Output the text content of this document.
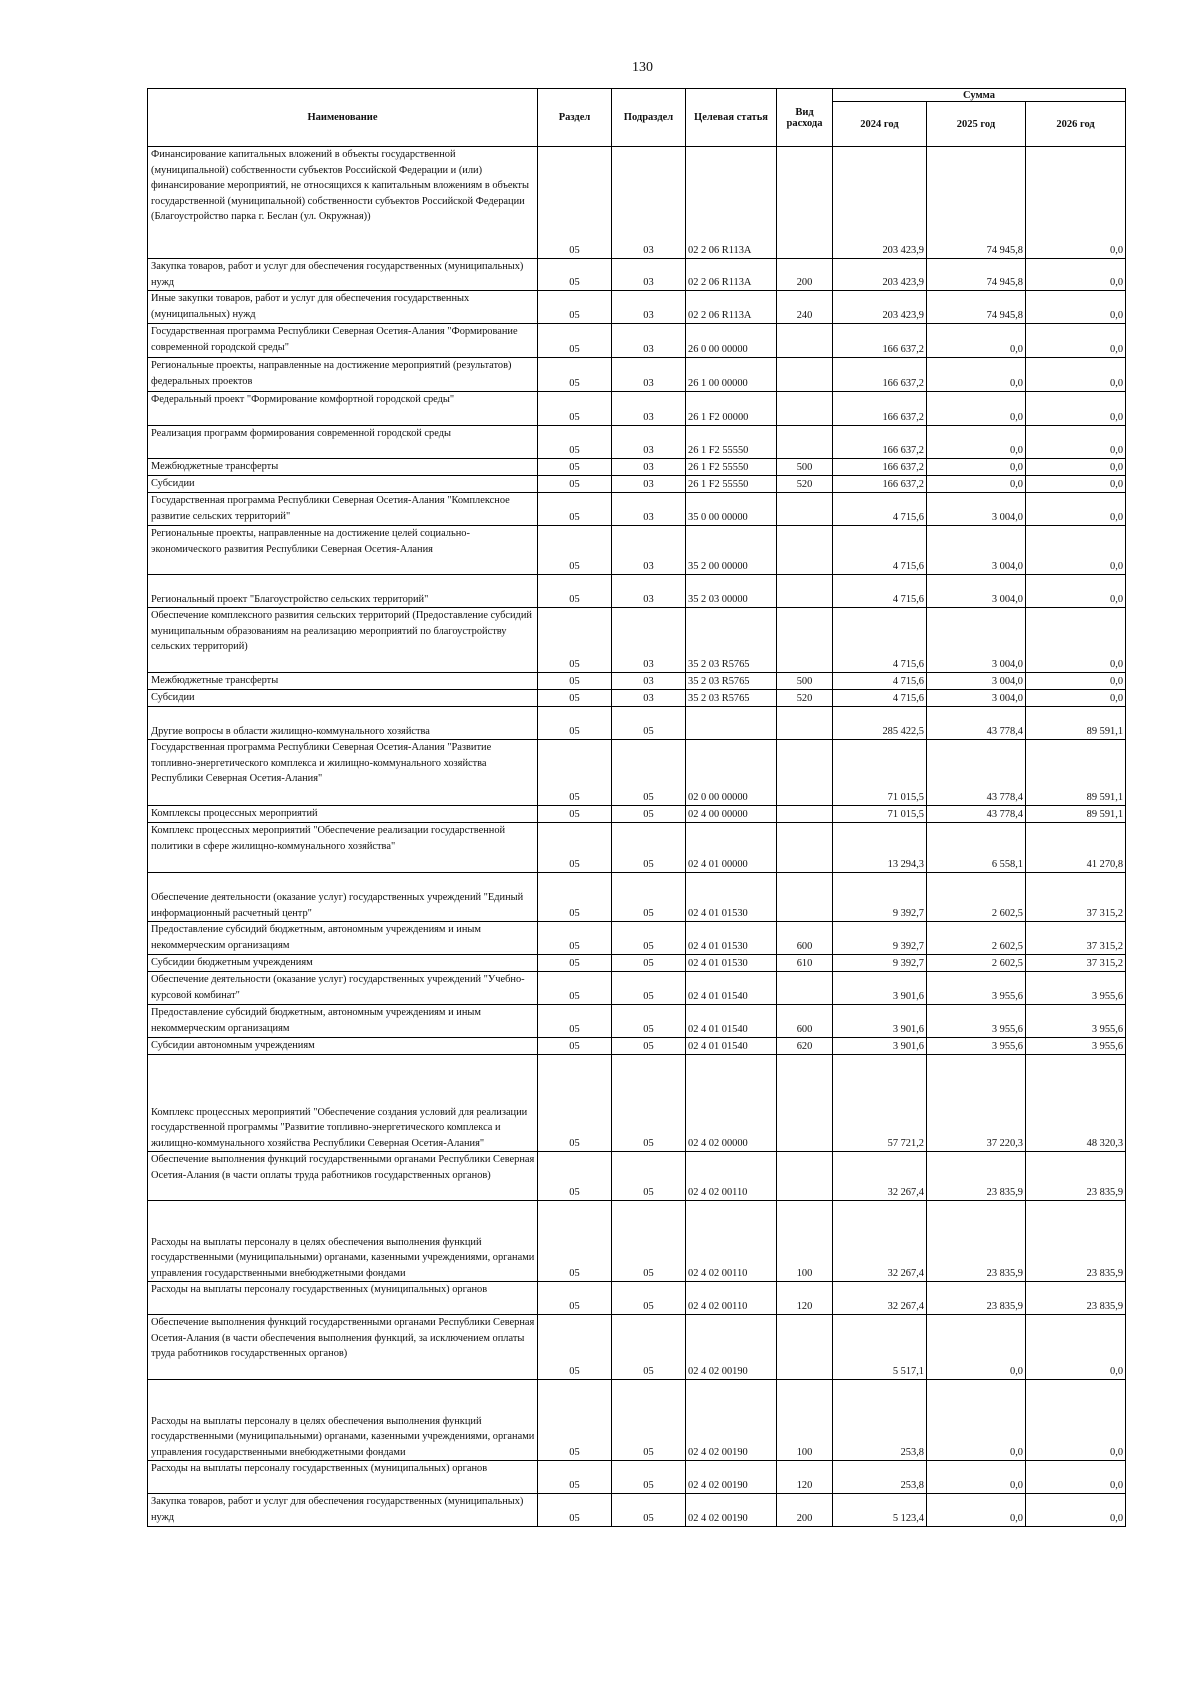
130
Наименование	Раздел	Подраздел	Целевая статья	Вид расхода	Сумма		
					2024 год	2025 год	2026 год
Финансирование капитальных вложений в объекты государственной (муниципальной) собственности субъектов Российской Федерации и (или) финансирование мероприятий, не относящихся к капитальным вложениям в объекты государственной (муниципальной) собственности субъектов Российской Федерации (Благоустройство парка г. Беслан (ул. Окружная))	05	03	02 2 06 R113A		203 423,9	74 945,8	0,0
Закупка товаров, работ и услуг для обеспечения государственных (муниципальных) нужд	05	03	02 2 06 R113A	200	203 423,9	74 945,8	0,0
Иные закупки товаров, работ и услуг для обеспечения государственных (муниципальных) нужд	05	03	02 2 06 R113A	240	203 423,9	74 945,8	0,0
Государственная программа Республики Северная Осетия-Алания "Формирование современной городской среды"	05	03	26 0 00 00000		166 637,2	0,0	0,0
Региональные проекты, направленные на достижение мероприятий (результатов) федеральных проектов	05	03	26 1 00 00000		166 637,2	0,0	0,0
Федеральный проект "Формирование комфортной городской среды"	05	03	26 1 F2 00000		166 637,2	0,0	0,0
Реализация программ формирования современной городской среды	05	03	26 1 F2 55550		166 637,2	0,0	0,0
Межбюджетные трансферты	05	03	26 1 F2 55550	500	166 637,2	0,0	0,0
Субсидии	05	03	26 1 F2 55550	520	166 637,2	0,0	0,0
Государственная программа Республики Северная Осетия-Алания "Комплексное развитие сельских территорий"	05	03	35 0 00 00000		4 715,6	3 004,0	0,0
Региональные проекты, направленные на достижение целей социально-экономического развития Республики Северная Осетия-Алания	05	03	35 2 00 00000		4 715,6	3 004,0	0,0
Региональный проект "Благоустройство сельских территорий"	05	03	35 2 03 00000		4 715,6	3 004,0	0,0
Обеспечение комплексного развития сельских территорий (Предоставление субсидий муниципальным образованиям на реализацию мероприятий по благоустройству сельских территорий)	05	03	35 2 03 R5765		4 715,6	3 004,0	0,0
Межбюджетные трансферты	05	03	35 2 03 R5765	500	4 715,6	3 004,0	0,0
Субсидии	05	03	35 2 03 R5765	520	4 715,6	3 004,0	0,0
Другие вопросы в области жилищно-коммунального хозяйства	05	05			285 422,5	43 778,4	89 591,1
Государственная программа Республики Северная Осетия-Алания "Развитие топливно-энергетического комплекса и жилищно-коммунального хозяйства Республики Северная Осетия-Алания"	05	05	02 0 00 00000		71 015,5	43 778,4	89 591,1
Комплексы процессных мероприятий	05	05	02 4 00 00000		71 015,5	43 778,4	89 591,1
Комплекс процессных мероприятий "Обеспечение реализации государственной политики в сфере жилищно-коммунального хозяйства"	05	05	02 4 01 00000		13 294,3	6 558,1	41 270,8
Обеспечение деятельности (оказание услуг) государственных учреждений "Единый информационный расчетный центр"	05	05	02 4 01 01530		9 392,7	2 602,5	37 315,2
Предоставление субсидий бюджетным, автономным учреждениям и иным некоммерческим организациям	05	05	02 4 01 01530	600	9 392,7	2 602,5	37 315,2
Субсидии бюджетным учреждениям	05	05	02 4 01 01530	610	9 392,7	2 602,5	37 315,2
Обеспечение деятельности (оказание услуг) государственных учреждений "Учебно-курсовой комбинат"	05	05	02 4 01 01540		3 901,6	3 955,6	3 955,6
Предоставление субсидий бюджетным, автономным учреждениям и иным некоммерческим организациям	05	05	02 4 01 01540	600	3 901,6	3 955,6	3 955,6
Субсидии автономным учреждениям	05	05	02 4 01 01540	620	3 901,6	3 955,6	3 955,6
Комплекс процессных мероприятий "Обеспечение создания условий для реализации государственной программы "Развитие топливно-энергетического комплекса и жилищно-коммунального хозяйства Республики Северная Осетия-Алания"	05	05	02 4 02 00000		57 721,2	37 220,3	48 320,3
Обеспечение выполнения функций государственными органами Республики Северная Осетия-Алания (в части оплаты труда работников государственных органов)	05	05	02 4 02 00110		32 267,4	23 835,9	23 835,9
Расходы на выплаты персоналу в целях обеспечения выполнения функций государственными (муниципальными) органами, казенными учреждениями, органами управления государственными внебюджетными фондами	05	05	02 4 02 00110	100	32 267,4	23 835,9	23 835,9
Расходы на выплаты персоналу государственных (муниципальных) органов	05	05	02 4 02 00110	120	32 267,4	23 835,9	23 835,9
Обеспечение выполнения функций государственными органами Республики Северная Осетия-Алания (в части обеспечения выполнения функций, за исключением оплаты труда работников государственных органов)	05	05	02 4 02 00190		5 517,1	0,0	0,0
Расходы на выплаты персоналу в целях обеспечения выполнения функций государственными (муниципальными) органами, казенными учреждениями, органами управления государственными внебюджетными фондами	05	05	02 4 02 00190	100	253,8	0,0	0,0
Расходы на выплаты персоналу государственных (муниципальных) органов	05	05	02 4 02 00190	120	253,8	0,0	0,0
Закупка товаров, работ и услуг для обеспечения государственных (муниципальных) нужд	05	05	02 4 02 00190	200	5 123,4	0,0	0,0
